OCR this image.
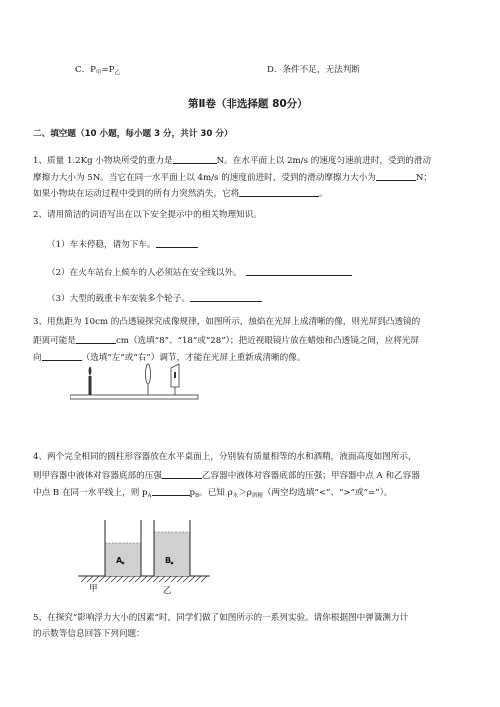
C．$P_甲=P_乙$	D．条件不足，无法判断
第Ⅱ卷（非选择题 80分）
二、填空题（10 小题，每小题 3 分，共计 30 分）
1、质量 1.2Kg 小物块所受的重力是	N。在水平面上以 2m/s 的速度匀速前进时，受到的滑动
摩擦力大小为 5N。当它在同一水平面上以 4m/s 的速度前进时，受到的滑动摩擦力大小为	N；
如果小物块在运动过程中受到的所有力突然消失，它将	。
2、请用简洁的词语写出在以下安全提示中的相关物理知识。
（1）车未停稳，请勿下车。
（2）在火车站台上候车的人必须站在安全线以外。
（3）大型的载重卡车安装多个轮子。
3、用焦距为 10cm 的凸透镜探究成像规律，如图所示，烛焰在光屏上成清晰的像，则光屏到凸透镜的
距离可能是	cm（选填“8”、“18”或“28”）；把近视眼镜片放在蜡烛和凸透镜之间，应将光屏
向	（选填“左”或“右”）调节，才能在光屏上重新成清晰的像。
4、两个完全相同的圆柱形容器放在水平桌面上，分别装有质量相等的水和酒精，液面高度如图所示，
则甲容器中液体对容器底部的压强	乙容器中液体对容器底部的压强；甲容器中点 A 和乙容器
中点 B 在同一水平线上，则 $p_A$	$p_B$。已知 $\rho_水>\rho_{酒精}$（两空均选填“<”、“>”或“=”）。
A	B
甲	乙
5、在探究“影响浮力大小的因素”时，同学们做了如图所示的一系列实验。请你根据图中弹簧测力计
的示数等信息回答下列问题：
